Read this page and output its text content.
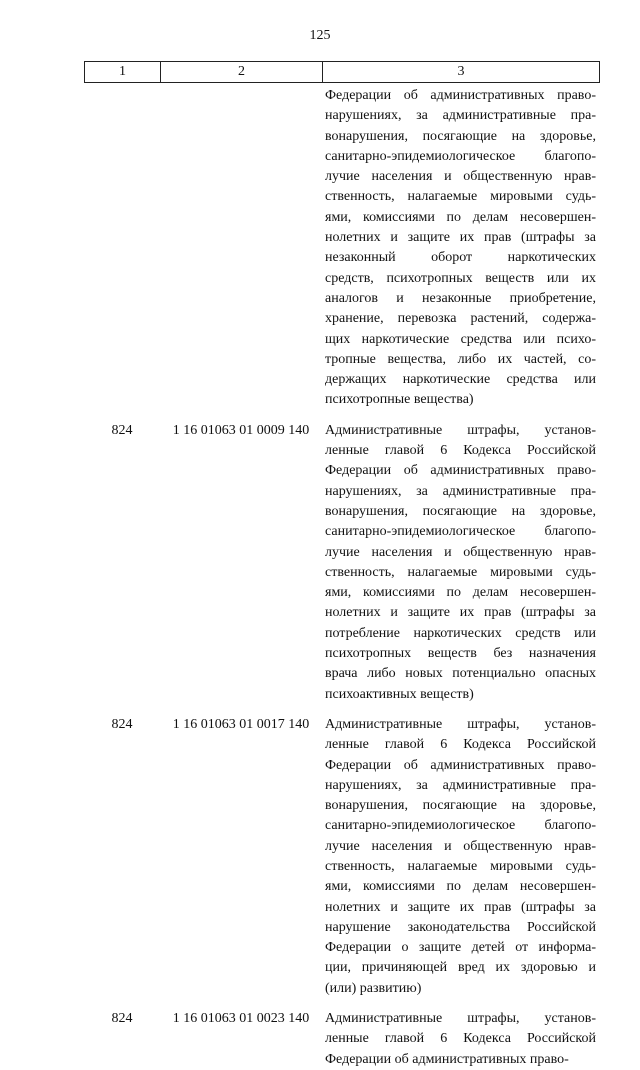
125
1	2	3
Федерации об административных право-
нарушениях, за административные пра-
вонарушения, посягающие на здоровье,
санитарно-эпидемиологическое благопо-
лучие населения и общественную нрав-
ственность, налагаемые мировыми судь-
ями, комиссиями по делам несовершен-
нолетних и защите их прав (штрафы за
незаконный оборот наркотических
средств, психотропных веществ или их
аналогов и незаконные приобретение,
хранение, перевозка растений, содержа-
щих наркотические средства или психо-
тропные вещества, либо их частей, со-
держащих наркотические средства или
психотропные вещества)
824	1 16 01063 01 0009 140	Административные штрафы, установ-
ленные главой 6 Кодекса Российской
Федерации об административных право-
нарушениях, за административные пра-
вонарушения, посягающие на здоровье,
санитарно-эпидемиологическое благопо-
лучие населения и общественную нрав-
ственность, налагаемые мировыми судь-
ями, комиссиями по делам несовершен-
нолетних и защите их прав (штрафы за
потребление наркотических средств или
психотропных веществ без назначения
врача либо новых потенциально опасных
психоактивных веществ)
824	1 16 01063 01 0017 140	Административные штрафы, установ-
ленные главой 6 Кодекса Российской
Федерации об административных право-
нарушениях, за административные пра-
вонарушения, посягающие на здоровье,
санитарно-эпидемиологическое благопо-
лучие населения и общественную нрав-
ственность, налагаемые мировыми судь-
ями, комиссиями по делам несовершен-
нолетних и защите их прав (штрафы за
нарушение законодательства Российской
Федерации о защите детей от информа-
ции, причиняющей вред их здоровью и
(или) развитию)
824	1 16 01063 01 0023 140	Административные штрафы, установ-
ленные главой 6 Кодекса Российской
Федерации об административных право-
